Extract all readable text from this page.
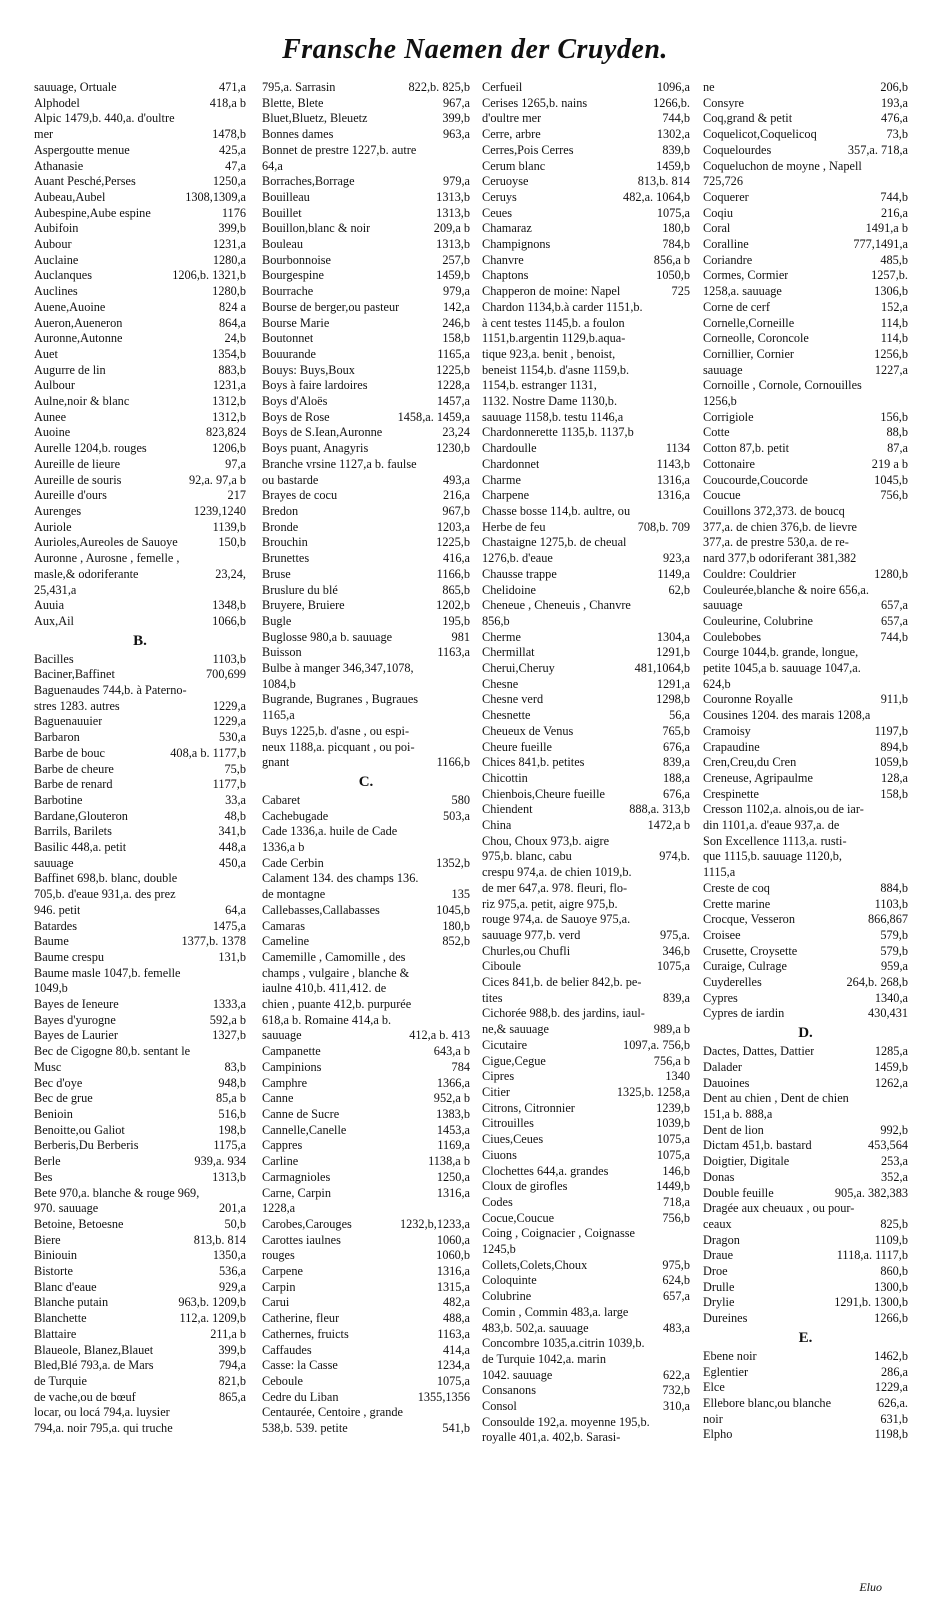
Fransche Naemen der Cruyden.
sauuage, Ortuale	471,a
Alphodel	418,a b
Alpic 1479,b. 440,a. d'oultre
mer	1478,b
Aspergoutte menue	425,a
Athanasie	47,a
Auant Pesché,Perses	1250,a
Aubeau,Aubel	1308,1309,a
Aubespine,Aube espine	1176
Aubifoin	399,b
Aubour	1231,a
Auclaine	1280,a
Auclanques	1206,b. 1321,b
Auclines	1280,b
Auene,Auoine	824 a
Aueron,Aueneron	864,a
Auronne,Autonne	24,b
Auet	1354,b
Augurre de lin	883,b
Aulbour	1231,a
Aulne,noir & blanc	1312,b
Aunee	1312,b
Auoine	823,824
Aurelle 1204,b. rouges	1206,b
Aureille de lieure	97,a
Aureille de souris	92,a. 97,a b
Aureille d'ours	217
Aurenges	1239,1240
Auriole	1139,b
Aurioles,Aureoles de Sauoye	150,b
Auronne , Aurosne , femelle ,
masle,& odoriferante	23,24,
25,431,a
Auuia	1348,b
Aux,Ail	1066,b
B.
Bacilles	1103,b
Baciner,Baffinet	700,699
Baguenaudes 744,b. à Paterno-
stres 1283. autres	1229,a
Baguenauuier	1229,a
Barbaron	530,a
Barbe de bouc	408,a b. 1177,b
Barbe de cheure	75,b
Barbe de renard	1177,b
Barbotine	33,a
Bardane,Glouteron	48,b
Barrils, Barilets	341,b
Basilic 448,a. petit	448,a
sauuage	450,a
Baffinet 698,b. blanc, double
705,b. d'eaue 931,a. des prez
946. petit	64,a
Batardes	1475,a
Baume	1377,b. 1378
Baume crespu	131,b
Baume masle 1047,b. femelle
1049,b
Bayes de Ieneure	1333,a
Bayes d'yurogne	592,a b
Bayes de Laurier	1327,b
Bec de Cigogne 80,b. sentant le
Musc	83,b
Bec d'oye	948,b
Bec de grue	85,a b
Benioin	516,b
Benoitte,ou Galiot	198,b
Berberis,Du Berberis	1175,a
Berle	939,a. 934
Bes	1313,b
Bete 970,a. blanche & rouge 969,
970. sauuage	201,a
Betoine, Betoesne	50,b
Biere	813,b. 814
Biniouin	1350,a
Bistorte	536,a
Blanc d'eaue	929,a
Blanche putain	963,b. 1209,b
Blanchette	112,a. 1209,b
Blattaire	211,a b
Blaueole, Blanez,Blauet	399,b
Bled,Blé 793,a. de Mars	794,a
de Turquie	821,b
de vache,ou de bœuf	865,a
locar, ou locá 794,a. luysier
794,a. noir 795,a. qui truche
795,a. Sarrasin	822,b. 825,b
Blette, Blete	967,a
Bluet,Bluetz, Bleuetz	399,b
Bonnes dames	963,a
Bonnet de prestre 1227,b. autre
64,a
Borraches,Borrage	979,a
Bouilleau	1313,b
Bouillet	1313,b
Bouillon,blanc & noir	209,a b
Bouleau	1313,b
Bourbonnoise	257,b
Bourgespine	1459,b
Bourrache	979,a
Bourse de berger,ou pasteur	142,a
Bourse Marie	246,b
Boutonnet	158,b
Bouurande	1165,a
Bouys: Buys,Boux	1225,b
Boys à faire lardoires	1228,a
Boys d'Aloës	1457,a
Boys de Rose	1458,a. 1459,a
Boys de S.Iean,Auronne	23,24
Boys puant, Anagyris	1230,b
Branche vrsine 1127,a b. faulse
ou bastarde	493,a
Brayes de cocu	216,a
Bredon	967,b
Bronde	1203,a
Brouchin	1225,b
Brunettes	416,a
Bruse	1166,b
Bruslure du blé	865,b
Bruyere, Bruiere	1202,b
Bugle	195,b
Buglosse 980,a b. sauuage	981
Buisson	1163,a
Bulbe à manger 346,347,1078,
1084,b
Bugrande, Bugranes , Bugraues
1165,a
Buys 1225,b. d'asne , ou espi-
neux 1188,a. picquant , ou poi-
gnant	1166,b
C.
Cabaret	580
Cachebugade	503,a
Cade 1336,a. huile de Cade
1336,a b
Cade Cerbin	1352,b
Calament 134. des champs 136.
de montagne	135
Callebasses,Callabasses	1045,b
Camaras	180,b
Cameline	852,b
Camemille , Camomille , des
champs , vulgaire , blanche &
iaulne 410,b. 411,412. de
chien , puante 412,b. purpurée
618,a b. Romaine 414,a b.
sauuage	412,a b. 413
Campanette	643,a b
Campinions	784
Camphre	1366,a
Canne	952,a b
Canne de Sucre	1383,b
Cannelle,Canelle	1453,a
Cappres	1169,a
Carline	1138,a b
Carmagnioles	1250,a
Carne, Carpin	1316,a
1228,a
Carobes,Carouges	1232,b,1233,a
Carottes iaulnes	1060,a
rouges	1060,b
Carpene	1316,a
Carpin	1315,a
Carui	482,a
Catherine, fleur	488,a
Cathernes, fruicts	1163,a
Caffaudes	414,a
Casse: la Casse	1234,a
Ceboule	1075,a
Cedre du Liban	1355,1356
Centaurée, Centoire , grande
538,b. 539. petite	541,b
Cerfueil	1096,a
Cerises 1265,b. nains	1266,b.
d'oultre mer	744,b
Cerre, arbre	1302,a
Cerres,Pois Cerres	839,b
Cerum blanc	1459,b
Ceruoyse	813,b. 814
Ceruys	482,a. 1064,b
Ceues	1075,a
Chamaraz	180,b
Champignons	784,b
Chanvre	856,a b
Chaptons	1050,b
Chapperon de moine: Napel	725
Chardon 1134,b.à carder 1151,b.
à cent testes 1145,b. a foulon
1151,b.argentin 1129,b.aqua-
tique 923,a. benit , benoist,
beneist 1154,b. d'asne 1159,b.
1154,b. estranger 1131,
1132. Nostre Dame 1130,b.
sauuage 1158,b. testu 1146,a
Chardonnerette 1135,b. 1137,b
Chardoulle	1134
Chardonnet	1143,b
Charme	1316,a
Charpene	1316,a
Chasse bosse 114,b. aultre, ou
Herbe de feu	708,b. 709
Chastaigne 1275,b. de cheual
1276,b. d'eaue	923,a
Chausse trappe	1149,a
Chelidoine	62,b
Cheneue , Cheneuis , Chanvre
856,b
Cherme	1304,a
Chermillat	1291,b
Cherui,Cheruy	481,1064,b
Chesne	1291,a
Chesne verd	1298,b
Chesnette	56,a
Cheueux de Venus	765,b
Cheure fueille	676,a
Chices 841,b. petites	839,a
Chicottin	188,a
Chienbois,Cheure fueille	676,a
Chiendent	888,a. 313,b
China	1472,a b
Chou, Choux 973,b. aigre
975,b. blanc, cabu	974,b.
crespu 974,a. de chien 1019,b.
de mer 647,a. 978. fleuri, flo-
riz 975,a. petit, aigre 975,b.
rouge 974,a. de Sauoye 975,a.
sauuage 977,b. verd	975,a.
Churles,ou Chufli	346,b
Ciboule	1075,a
Cices 841,b. de belier 842,b. pe-
tites	839,a
Cichorée 988,b. des jardins, iaul-
ne,& sauuage	989,a b
Cicutaire	1097,a. 756,b
Cigue,Cegue	756,a b
Cipres	1340
Citier	1325,b. 1258,a
Citrons, Citronnier	1239,b
Citrouilles	1039,b
Ciues,Ceues	1075,a
Ciuons	1075,a
Clochettes 644,a. grandes	146,b
Cloux de girofles	1449,b
Codes	718,a
Cocue,Coucue	756,b
Coing , Coignacier , Coignasse
1245,b
Collets,Colets,Choux	975,b
Coloquinte	624,b
Colubrine	657,a
Comin , Commin 483,a. large
483,b. 502,a. sauuage	483,a
Concombre 1035,a.citrin 1039,b.
de Turquie 1042,a. marin
1042. sauuage	622,a
Consanons	732,b
Consol	310,a
Consoulde 192,a. moyenne 195,b.
royalle 401,a. 402,b. Sarasi-
ne	206,b
Consyre	193,a
Coq,grand & petit	476,a
Coquelicot,Coquelicoq	73,b
Coquelourdes	357,a. 718,a
Coqueluchon de moyne , Napell
725,726
Coquerer	744,b
Coqiu	216,a
Coral	1491,a b
Coralline	777,1491,a
Coriandre	485,b
Cormes, Cormier	1257,b.
1258,a. sauuage	1306,b
Corne de cerf	152,a
Cornelle,Corneille	114,b
Corneolle, Coroncole	114,b
Cornillier, Cornier	1256,b
sauuage	1227,a
Cornoille , Cornole, Cornouilles
1256,b
Corrigiole	156,b
Cotte	88,b
Cotton 87,b. petit	87,a
Cottonaire	219 a b
Coucourde,Coucorde	1045,b
Coucue	756,b
Couillons 372,373. de boucq
377,a. de chien 376,b. de lievre
377,a. de prestre 530,a. de re-
nard 377,b odoriferant 381,382
Couldre: Couldrier	1280,b
Couleurée,blanche & noire 656,a.
sauuage	657,a
Couleurine, Colubrine	657,a
Coulebobes	744,b
Courge 1044,b. grande, longue,
petite 1045,a b. sauuage 1047,a.
624,b
Couronne Royalle	911,b
Cousines 1204. des marais 1208,a
Cramoisy	1197,b
Crapaudine	894,b
Cren,Creu,du Cren	1059,b
Creneuse, Agripaulme	128,a
Crespinette	158,b
Cresson 1102,a. alnois,ou de iar-
din 1101,a. d'eaue 937,a. de
Son Excellence 1113,a. rusti-
que 1115,b. sauuage 1120,b,
1115,a
Creste de coq	884,b
Crette marine	1103,b
Crocque, Vesseron	866,867
Croisee	579,b
Crusette, Croysette	579,b
Curaige, Culrage	959,a
Cuyderelles	264,b. 268,b
Cypres	1340,a
Cypres de iardin	430,431
D.
Dactes, Dattes, Dattier	1285,a
Dalader	1459,b
Dauoines	1262,a
Dent au chien , Dent de chien
151,a b. 888,a
Dent de lion	992,b
Dictam 451,b. bastard	453,564
Doigtier, Digitale	253,a
Donas	352,a
Double feuille	905,a. 382,383
Dragée aux cheuaux , ou pour-
ceaux	825,b
Dragon	1109,b
Draue	1118,a. 1117,b
Droe	860,b
Drulle	1300,b
Drylie	1291,b. 1300,b
Dureines	1266,b
E.
Ebene noir	1462,b
Eglentier	286,a
Elce	1229,a
Ellebore blanc,ou blanche	626,a.
noir	631,b
Elpho	1198,b
Eluo
